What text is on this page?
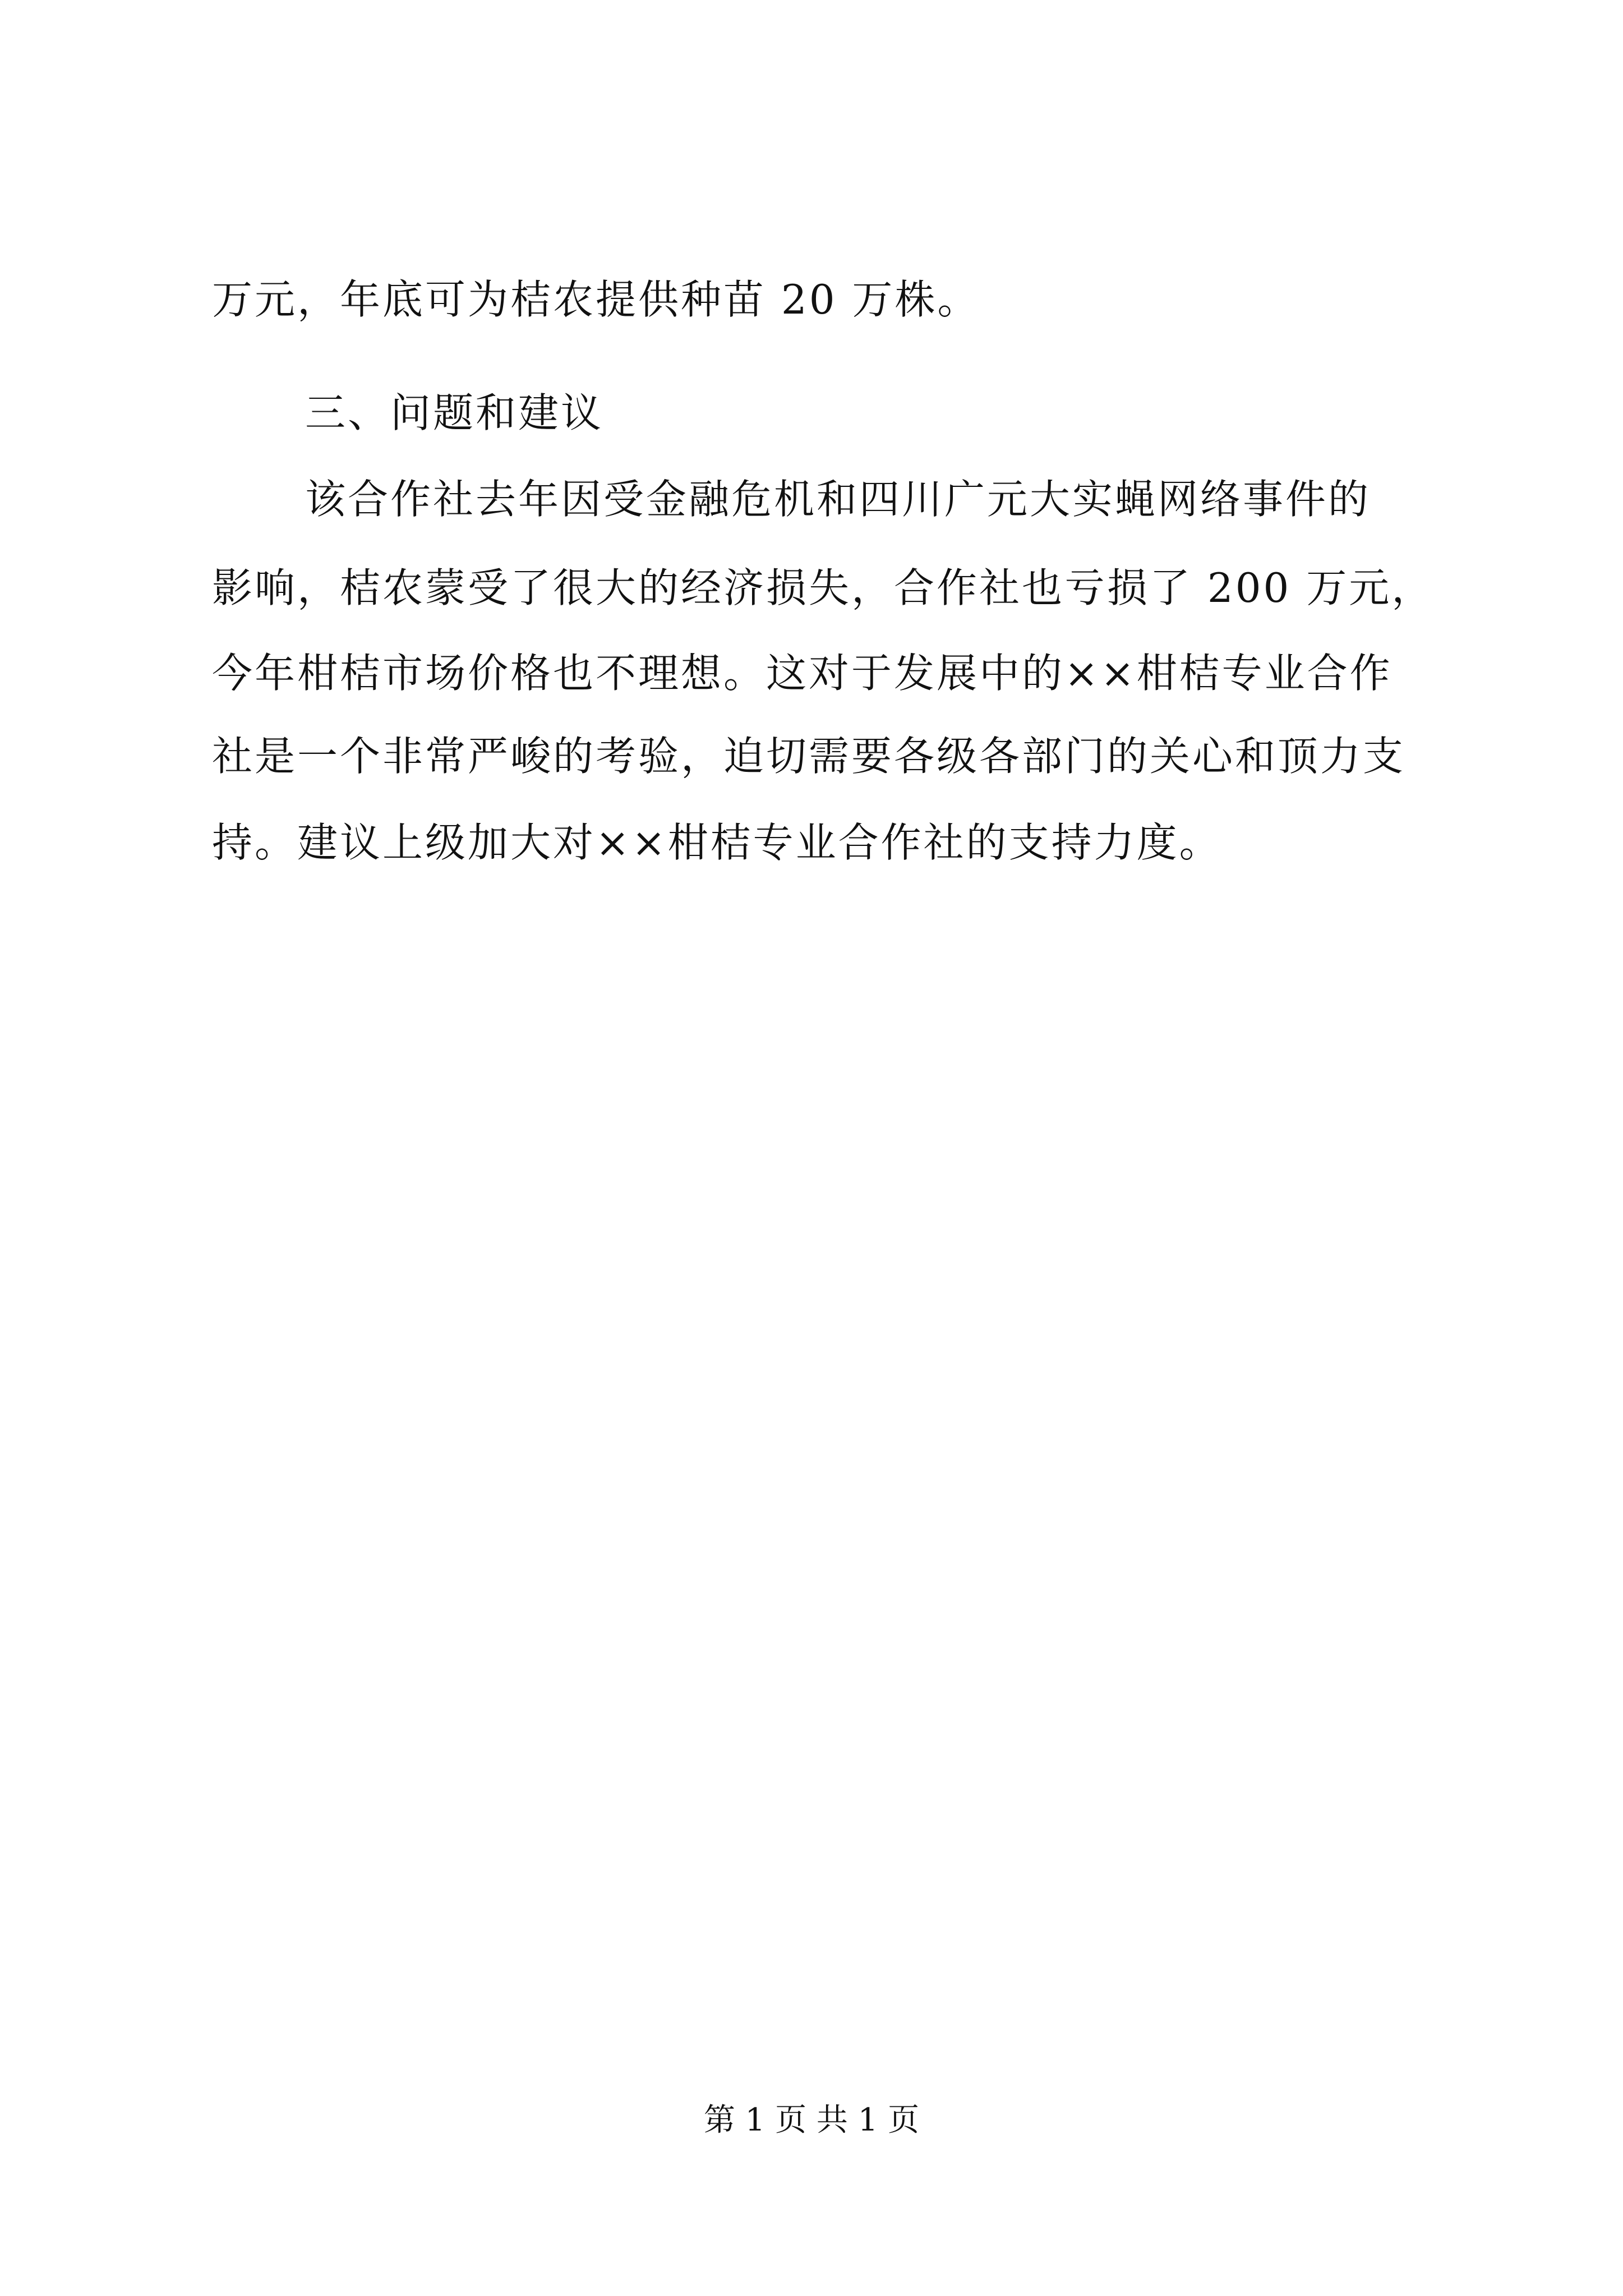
万元，年底可为桔农提供种苗 20 万株。

三、问题和建议

该合作社去年因受金融危机和四川广元大实蝇网络事件的

影响，桔农蒙受了很大的经济损失，合作社也亏损了 200 万元，

今年柑桔市场价格也不理想。这对于发展中的××柑桔专业合作

社是一个非常严峻的考验，迫切需要各级各部门的关心和顶力支

持。建议上级加大对××柑桔专业合作社的支持力度。

第 1 页 共 1 页
